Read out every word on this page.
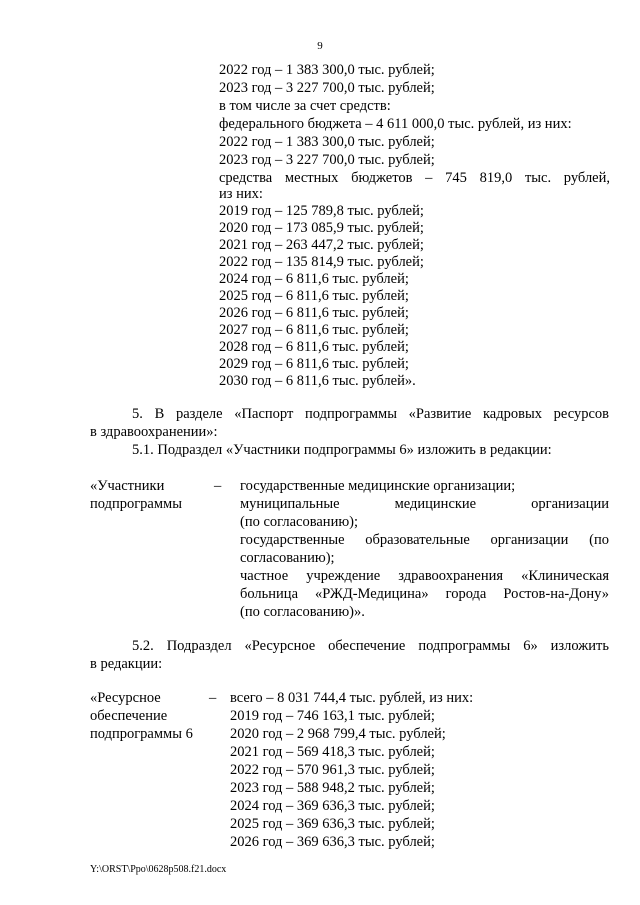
9
2022 год – 1 383 300,0 тыс. рублей;
2023 год – 3 227 700,0 тыс. рублей;
в том числе за счет средств:
федерального бюджета – 4 611 000,0 тыс. рублей, из них:
2022 год – 1 383 300,0 тыс. рублей;
2023 год – 3 227 700,0 тыс. рублей;
средства местных бюджетов – 745 819,0 тыс. рублей,
из них:
2019 год – 125 789,8 тыс. рублей;
2020 год – 173 085,9 тыс. рублей;
2021 год – 263 447,2 тыс. рублей;
2022 год – 135 814,9 тыс. рублей;
2024 год – 6 811,6 тыс. рублей;
2025 год – 6 811,6 тыс. рублей;
2026 год – 6 811,6 тыс. рублей;
2027 год – 6 811,6 тыс. рублей;
2028 год – 6 811,6 тыс. рублей;
2029 год – 6 811,6 тыс. рублей;
2030 год – 6 811,6 тыс. рублей».
5. В разделе «Паспорт подпрограммы «Развитие кадровых ресурсов
в здравоохранении»:
5.1. Подраздел «Участники подпрограммы 6» изложить в редакции:
«Участники
подпрограммы
– государственные медицинские организации;
муниципальные медицинские организации
(по согласованию);
государственные образовательные организации (по
согласованию);
частное учреждение здравоохранения «Клиническая
больница «РЖД-Медицина» города Ростов-на-Дону»
(по согласованию)».
5.2. Подраздел «Ресурсное обеспечение подпрограммы 6» изложить
в редакции:
«Ресурсное
обеспечение
подпрограммы 6
– всего – 8 031 744,4 тыс. рублей, из них:
2019 год – 746 163,1 тыс. рублей;
2020 год – 2 968 799,4 тыс. рублей;
2021 год – 569 418,3 тыс. рублей;
2022 год – 570 961,3 тыс. рублей;
2023 год – 588 948,2 тыс. рублей;
2024 год – 369 636,3 тыс. рублей;
2025 год – 369 636,3 тыс. рублей;
2026 год – 369 636,3 тыс. рублей;
Y:\ORST\Ppo\0628p508.f21.docx
